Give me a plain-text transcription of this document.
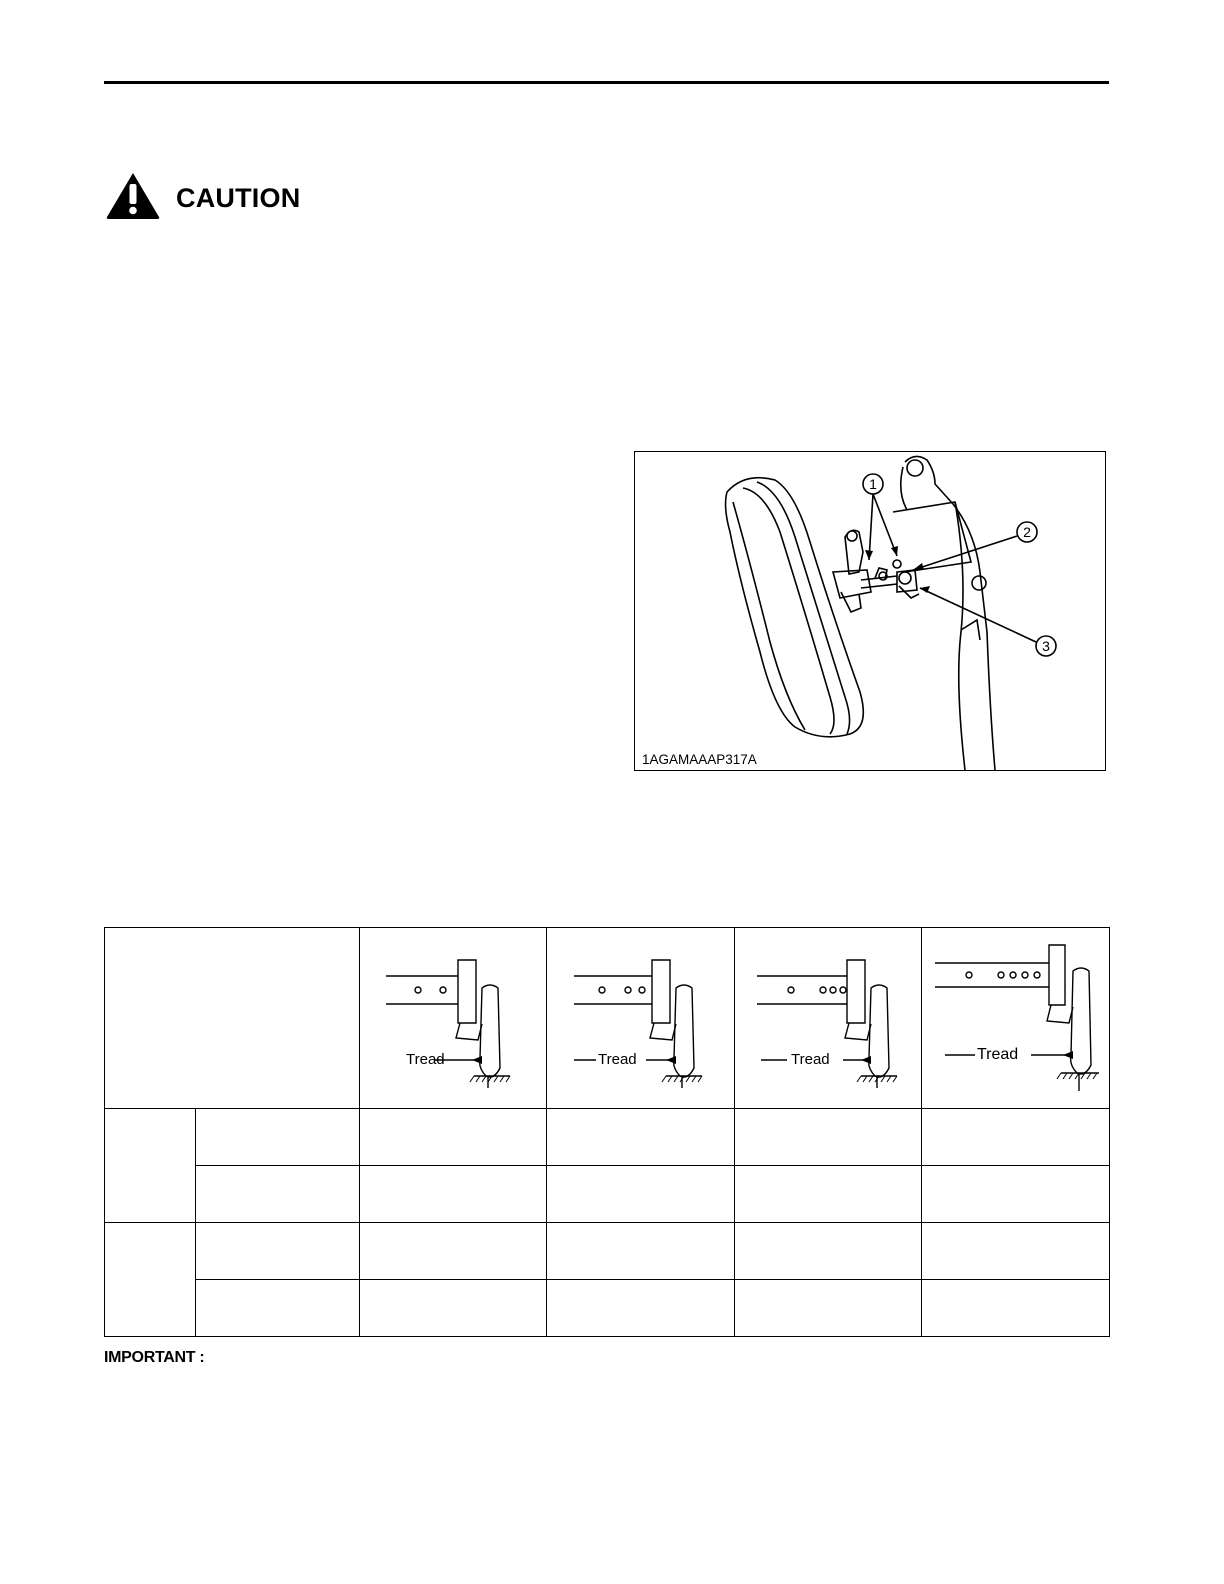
CAUTION
1
2
3
1AGAMAAAP317A

Tread	Tread	Tread	Tread

IMPORTANT :
